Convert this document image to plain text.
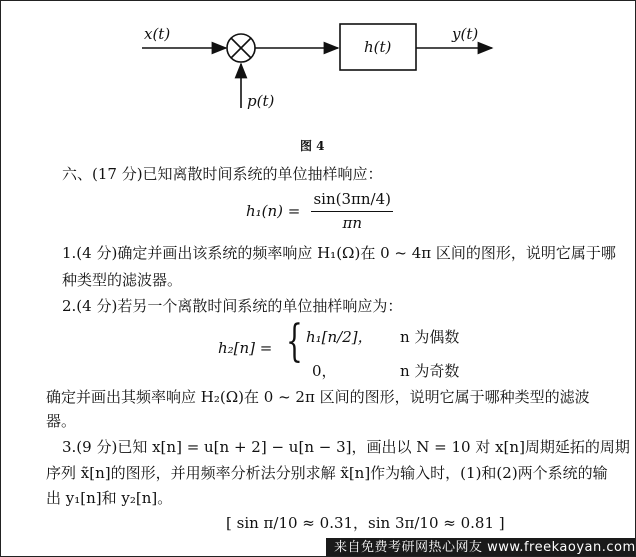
x(t)
h(t)
y(t)
p(t)
图 4
六、(17 分)已知离散时间系统的单位抽样响应：
$h_1(n) = \frac{\sin(3\pi n/4)}{\pi n}$
1.(4 分)确定并画出该系统的频率响应 H₁(Ω)在 0 ~ 4π 区间的图形，说明它属于哪
种类型的滤波器。
2.(4 分)若另一个离散时间系统的单位抽样响应为：
h₂[n] = { h₁[n/2]， n 为偶数
0，	n 为奇数
确定并画出其频率响应 H₂(Ω)在 0 ~ 2π 区间的图形，说明它属于哪种类型的滤波
器。
3.(9 分)已知 x[n] = u[n + 2] − u[n − 3]，画出以 N = 10 对 x[n]周期延拓的周期
序列 x̃[n]的图形，并用频率分析法分别求解 x̃[n]作为输入时，(1)和(2)两个系统的输
出 y₁[n]和 y₂[n]。
[ sin π/10 ≈ 0.31，sin 3π/10 ≈ 0.81 ]
来自免费考研网热心网友 www.freekaoyan.com
